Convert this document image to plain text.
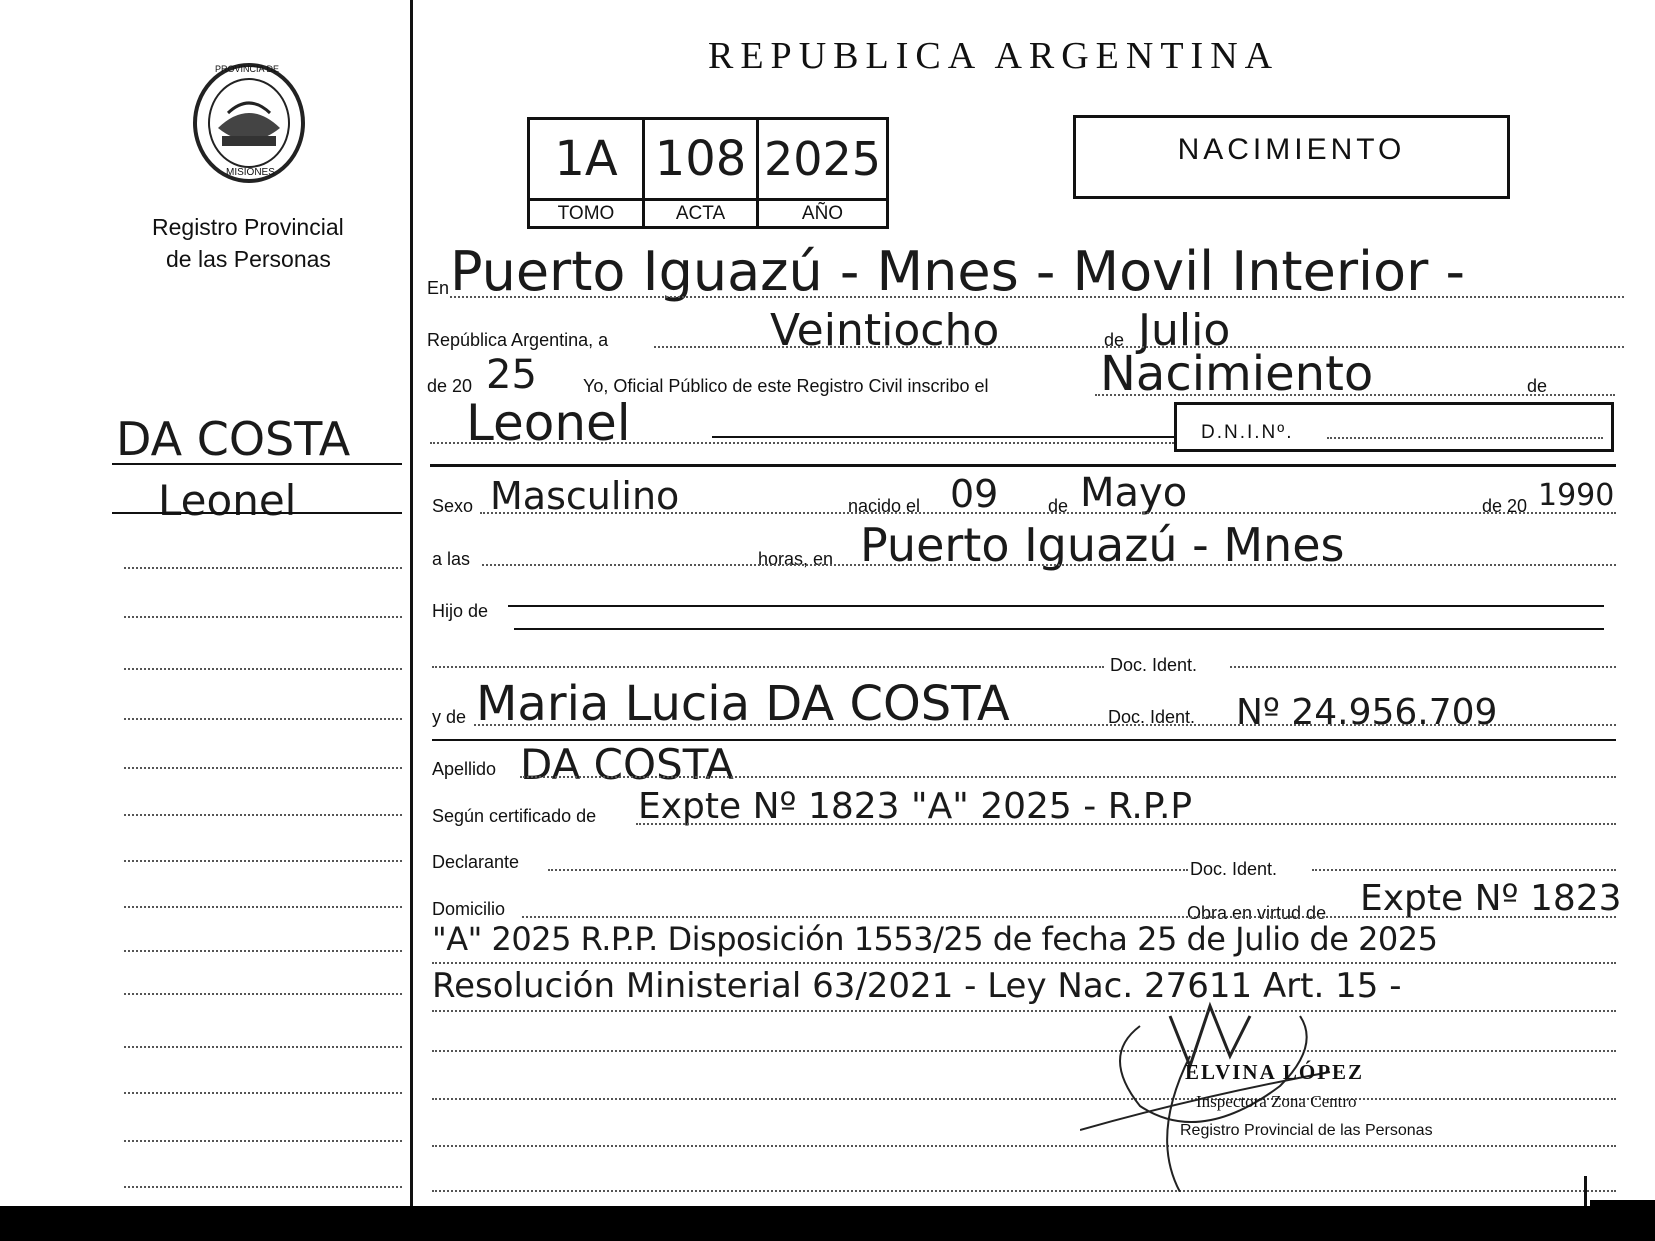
PROVINCIA DE
MISIONES
Registro Provincial
de las Personas
DA COSTA
Leonel
REPUBLICA ARGENTINA
1A 108 2025
TOMO	ACTA	AÑO
NACIMIENTO
En Puerto Iguazú - Mnes - Movil Interior -
República Argentina, a	Veintiocho	de Julio
de 20 25	Yo, Oficial Público de este Registro Civil inscribo el Nacimiento	de
Leonel	D.N.I.Nº.
Sexo Masculino	nacido el 09	de Mayo	de 20 1990
a las	horas, en Puerto Iguazú - Mnes
Hijo de
Doc. Ident.
y de Maria Lucia DA COSTA	Doc. Ident. Nº 24.956.709
Apellido DA COSTA
Según certificado de Expte Nº 1823 "A" 2025 - R.P.P
Declarante	Doc. Ident.
Domicilio	Obra en virtud de Expte Nº 1823
"A" 2025 R.P.P. Disposición 1553/25 de fecha 25 de Julio de 2025
Resolución Ministerial 63/2021 - Ley Nac. 27611 Art. 15 -
ELVINA LÓPEZ
Inspectora Zona Centro
Registro Provincial de las Personas
